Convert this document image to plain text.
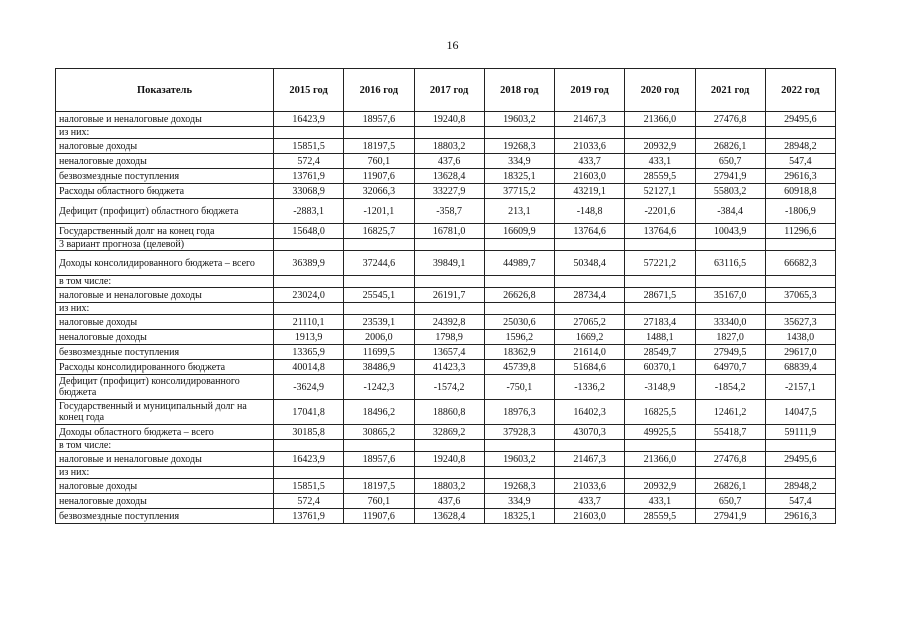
16
Показатель	2015 год	2016 год	2017 год	2018 год	2019 год	2020 год	2021 год	2022 год
налоговые и неналоговые доходы	16423,9	18957,6	19240,8	19603,2	21467,3	21366,0	27476,8	29495,6
из них:								
налоговые доходы	15851,5	18197,5	18803,2	19268,3	21033,6	20932,9	26826,1	28948,2
неналоговые доходы	572,4	760,1	437,6	334,9	433,7	433,1	650,7	547,4
безвозмездные поступления	13761,9	11907,6	13628,4	18325,1	21603,0	28559,5	27941,9	29616,3
Расходы областного бюджета	33068,9	32066,3	33227,9	37715,2	43219,1	52127,1	55803,2	60918,8
Дефицит (профицит) областного бюджета	-2883,1	-1201,1	-358,7	213,1	-148,8	-2201,6	-384,4	-1806,9
Государственный долг на конец года	15648,0	16825,7	16781,0	16609,9	13764,6	13764,6	10043,9	11296,6
3 вариант прогноза (целевой)								
Доходы консолидированного бюджета – всего	36389,9	37244,6	39849,1	44989,7	50348,4	57221,2	63116,5	66682,3
в том числе:								
налоговые и неналоговые доходы	23024,0	25545,1	26191,7	26626,8	28734,4	28671,5	35167,0	37065,3
из них:								
налоговые доходы	21110,1	23539,1	24392,8	25030,6	27065,2	27183,4	33340,0	35627,3
неналоговые доходы	1913,9	2006,0	1798,9	1596,2	1669,2	1488,1	1827,0	1438,0
безвозмездные поступления	13365,9	11699,5	13657,4	18362,9	21614,0	28549,7	27949,5	29617,0
Расходы консолидированного бюджета	40014,8	38486,9	41423,3	45739,8	51684,6	60370,1	64970,7	68839,4
Дефицит (профицит) консолидированного бюджета	-3624,9	-1242,3	-1574,2	-750,1	-1336,2	-3148,9	-1854,2	-2157,1
Государственный и муниципальный долг на конец года	17041,8	18496,2	18860,8	18976,3	16402,3	16825,5	12461,2	14047,5
Доходы областного бюджета – всего	30185,8	30865,2	32869,2	37928,3	43070,3	49925,5	55418,7	59111,9
в том числе:								
налоговые и неналоговые доходы	16423,9	18957,6	19240,8	19603,2	21467,3	21366,0	27476,8	29495,6
из них:								
налоговые доходы	15851,5	18197,5	18803,2	19268,3	21033,6	20932,9	26826,1	28948,2
неналоговые доходы	572,4	760,1	437,6	334,9	433,7	433,1	650,7	547,4
безвозмездные поступления	13761,9	11907,6	13628,4	18325,1	21603,0	28559,5	27941,9	29616,3
